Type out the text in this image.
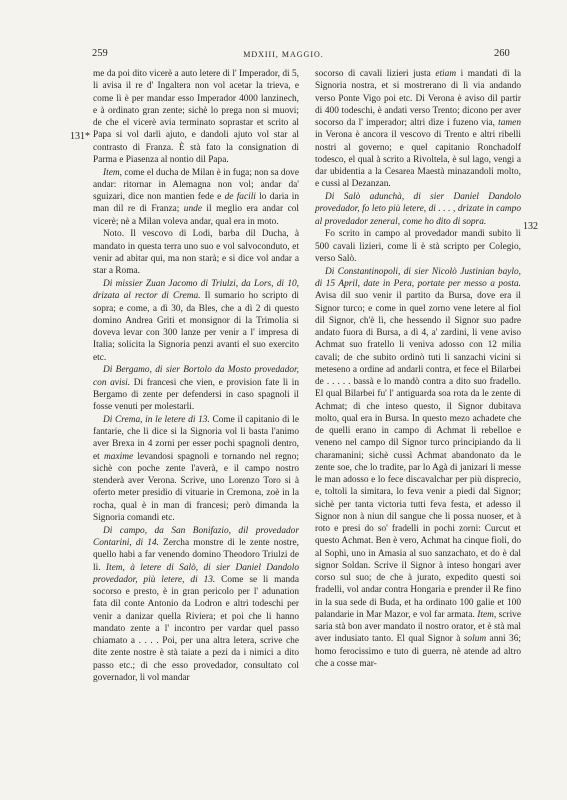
259	MDXIII, MAGGIO.	260
131*
132

me da poi dito vicerè a auto letere di l' Imperador, di 5, li avisa il re d' Ingaltera non vol acetar la trieva, e come lì è per mandar esso Imperador 4000 lanzinech, e à ordinato gran zente; sichè lo prega non si muovi; de che el vicerè avia terminato soprastar et scrito al Papa si vol darli ajuto, e dandoli ajuto vol star al contrasto di Franza. È stà fato la consignation di Parma e Piasenza al nontio dil Papa.

Item, come el ducha de Milan è in fuga; non sa dove andar: ritornar in Alemagna non vol; andar da' sguizari, dice non mantien fede e de facili lo daria in man dil re di Franza; unde il meglio era andar col vicerè; nè a Milan voleva andar, qual era in moto.

Noto. Il vescovo di Lodi, barba dil Ducha, à mandato in questa terra uno suo e vol salvoconduto, et venir ad abitar qui, ma non starà; e si dice vol andar a star a Roma.

Di missier Zuan Jacomo di Triulzi, da Lors, di 10, drizata al rector di Crema. Il sumario ho scripto di sopra; e come, a dì 30, da Bles, che a dì 2 di questo domino Andrea Griti et monsignor di la Trimolia si doveva levar con 300 lanze per venir a l' impresa di Italia; solicita la Signoria penzi avanti el suo exercito etc.

Di Bergamo, di sier Bortolo da Mosto provedador, con avisi. Di francesi che vien, e provision fate lì in Bergamo di zente per defendersi in caso spagnoli il fosse venuti per molestarli.

Di Crema, in le letere di 13. Come il capitanio di le fantarie, che li dice si la Signoria vol li basta l'animo aver Brexa in 4 zorni per esser pochi spagnoli dentro, et maxime levandosi spagnoli e tornando nel regno; sichè con poche zente l'averà, e il campo nostro stenderà aver Verona. Scrive, uno Lorenzo Toro si à oferto meter presidio di vituarie in Cremona, zoè in la rocha, qual è in man di francesi; però dimanda la Signoria comandi etc.

Di campo, da San Bonifazio, dil provedador Contarini, di 14. Zercha monstre di le zente nostre, quello habi a far venendo domino Theodoro Triulzi de lì. Item, à letere di Salò, di sier Daniel Dandolo provedador, più letere, di 13. Come se li manda socorso e presto, è in gran pericolo per l' adunation fata dil conte Antonio da Lodron e altri todeschi per venir a danizar quella Riviera; et poi che li hanno mandato zente a l' incontro per vardar quel passo chiamato a . . . . Poi, per una altra letera, scrive che dite zente nostre è stà taiate a pezi da i nimici a dito passo etc.; di che esso provedador, consultato col governador, li vol mandar

socorso di cavali lizieri justa etiam i mandati di la Signoria nostra, et si mostrerano di lì via andando verso Ponte Vigo poi etc. Di Verona è aviso dil partir di 400 todeschi, è andati verso Trento; dicono per aver socorso da l' imperador; altri dize i fuzeno via, tamen in Verona è ancora il vescovo di Trento e altri ribelli nostri al governo; e quel capitanio Ronchadolf todesco, el qual à scrito a Rivoltela, è sul lago, vengi a dar ubidentia a la Cesarea Maestà minazandoli molto, e cussì al Dezanzan.

Di Salò adunchà, di sier Daniel Dandolo provedador, fo leto più letere, di . . . , drizate in campo al provedador zeneral, come ho dito di sopra.

Fo scrito in campo al provedador mandi subito li 500 cavali lizieri, come li è stà scripto per Colegio, verso Salò.

Di Constantinopoli, di sier Nicolò Justinian baylo, di 15 April, date in Pera, portate per messo a posta. Avisa dil suo venir il partito da Bursa, dove era il Signor turco; e come in quel zorno vene letere al fiol dil Signor, ch'è lì, che hessendo il Signor suo padre andato fuora di Bursa, a dì 4, a' zardini, li vene aviso Achmat suo fratello li veniva adosso con 12 milia cavali; de che subito ordinò tuti li sanzachi vicini si meteseno a ordine ad andarli contra, et fece el Bilarbei de . . . . . bassà e lo mandò contra a dito suo fradello. El qual Bilarbei fu' l' antiguarda soa rota da le zente di Achmat; di che inteso questo, il Signor dubitava molto, qual era in Bursa. In questo mezo achadete che de quelli erano in campo di Achmat li rebelloe e veneno nel campo dil Signor turco principiando da li charamanini; sichè cussì Achmat abandonato da le zente soe, che lo tradite, par lo Agà di janizari li messe le man adosso e lo fece discavalchar per più disprecio, e, toltoli la simitara, lo feva venir a piedi dal Signor; sichè per tanta victoria tutti feva festa, et adesso il Signor non à niun dil sangue che li possa nuoser, et à roto e presi do so' fradelli in pochi zorni: Curcut et questo Achmat. Ben è vero, Achmat ha cinque fioli, do al Sophì, uno in Amasia al suo sanzachato, et do è dal signor Soldan. Scrive il Signor à inteso hongari aver corso sul suo; de che à jurato, expedito questi soi fradelli, vol andar contra Hongaria e prender il Re fino in la sua sede di Buda, et ha ordinato 100 galie et 100 palandarie in Mar Mazor, e vol far armata. Item, scrive saria stà bon aver mandato il nostro orator, et è stà mal aver indusiato tanto. El qual Signor à solum anni 36; homo ferocissimo e tuto di guerra, nè atende ad altro che a cosse mar-
